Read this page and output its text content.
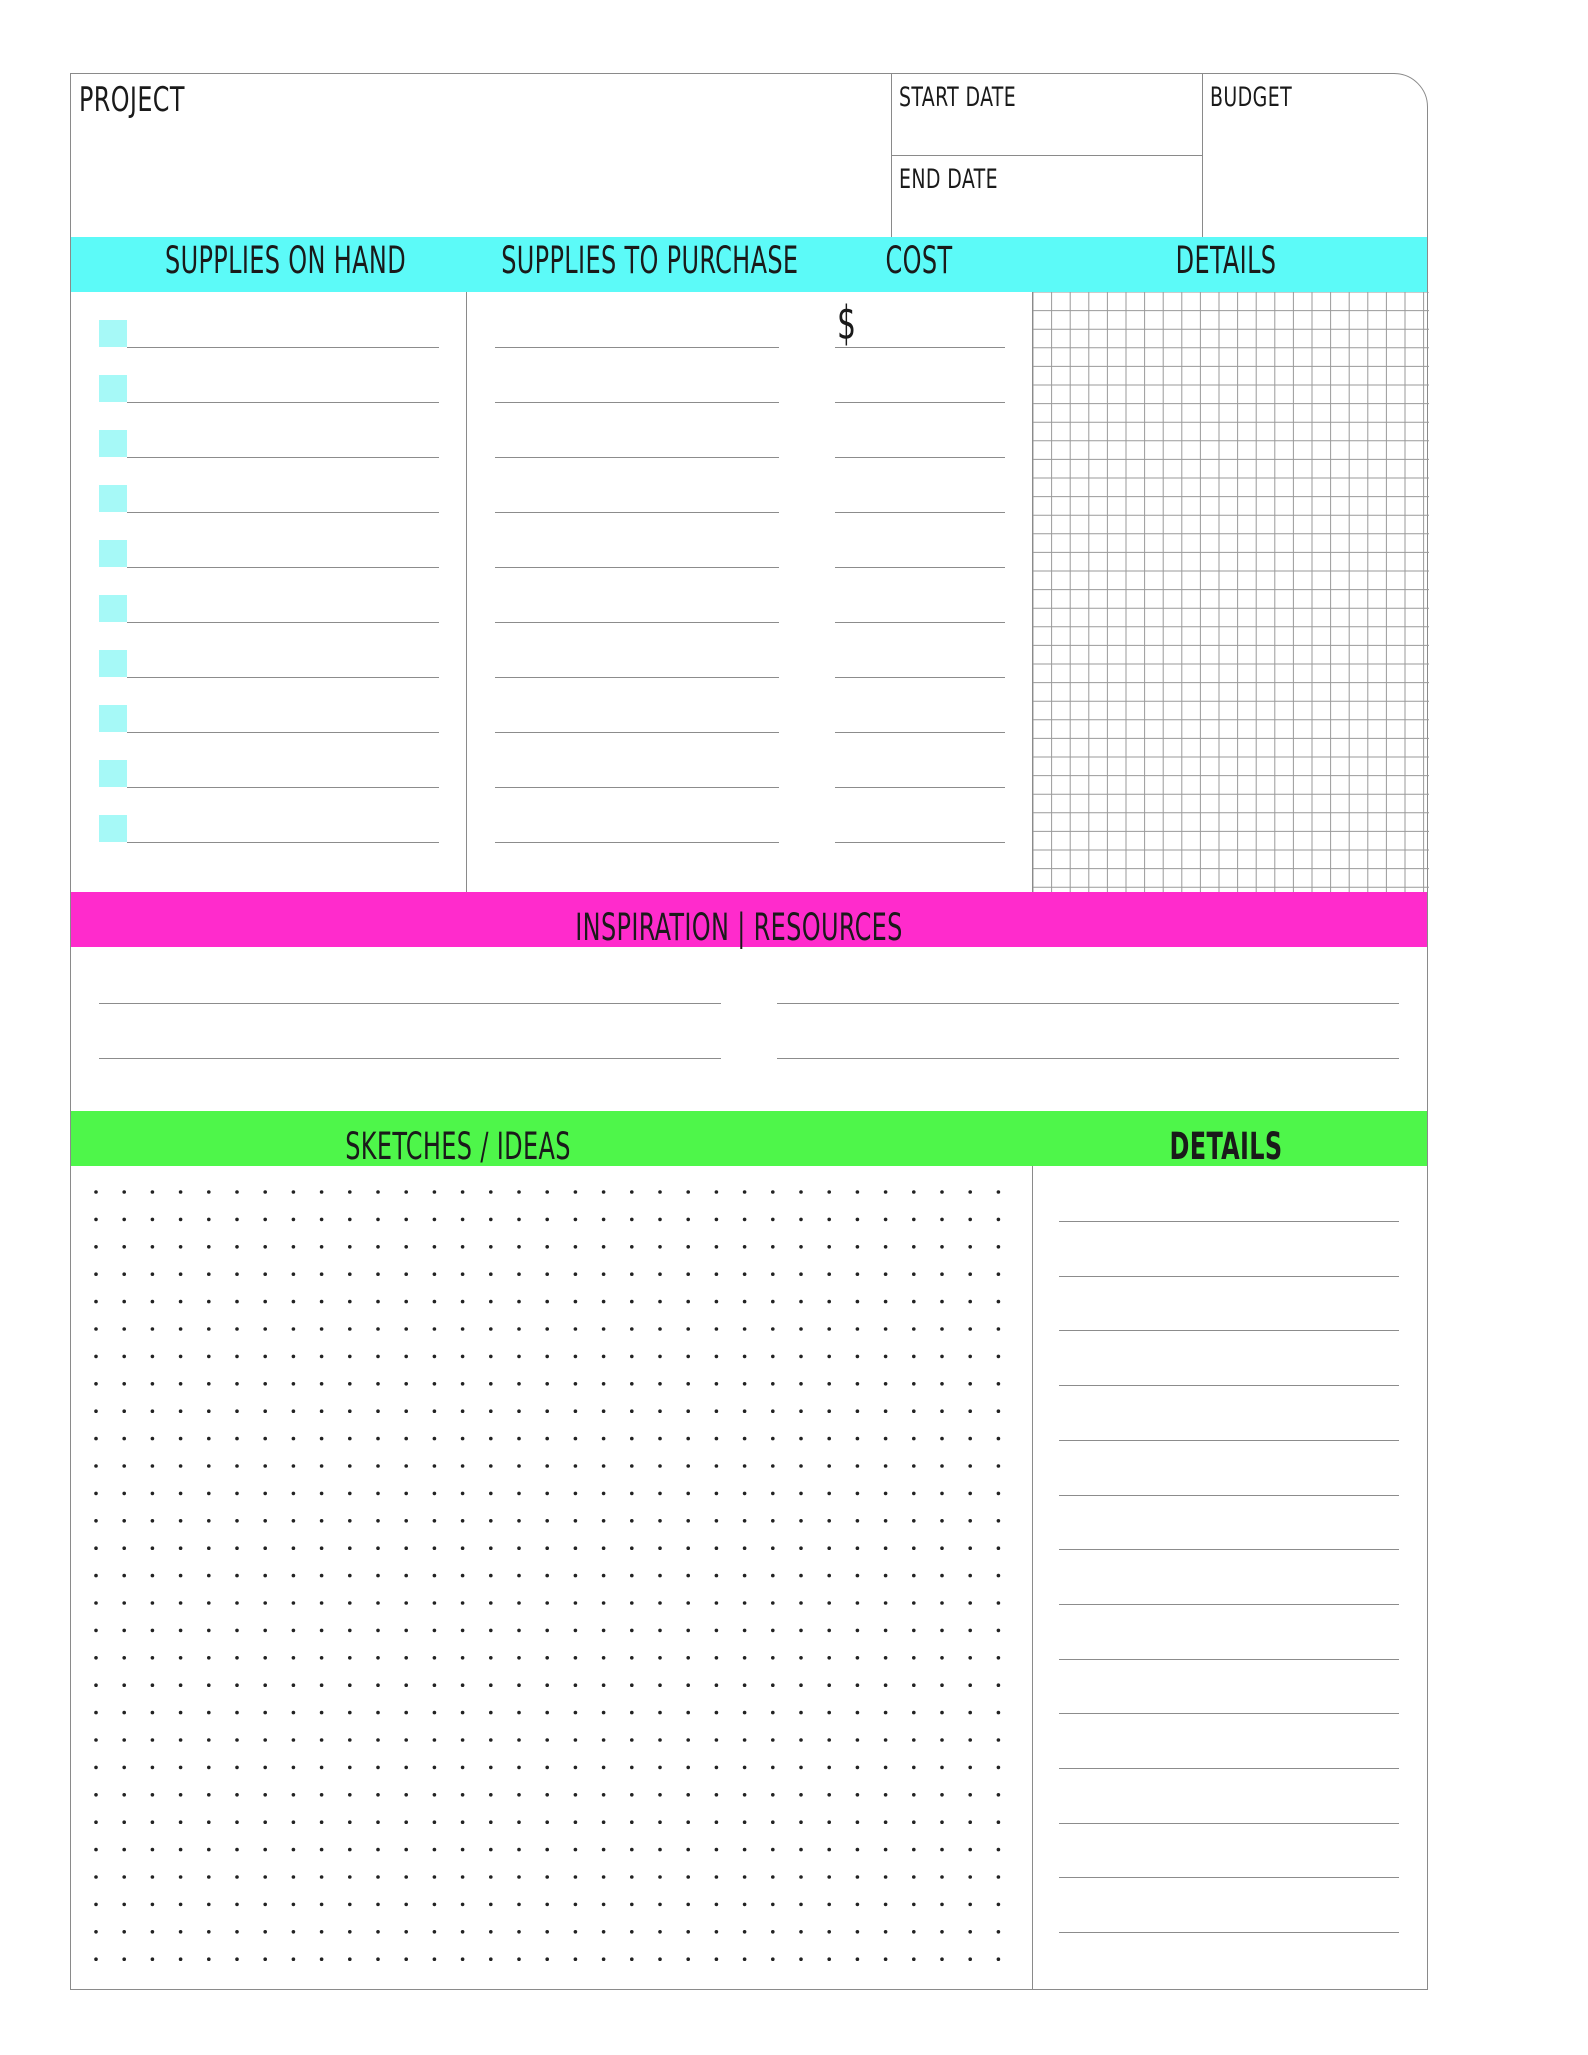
PROJECT	START DATE
END DATE
BUDGET
SUPPLIES ON HAND	SUPPLIES TO PURCHASE	COST	DETAILS
$
INSPIRATION | RESOURCES
SKETCHES / IDEAS	DETAILS
